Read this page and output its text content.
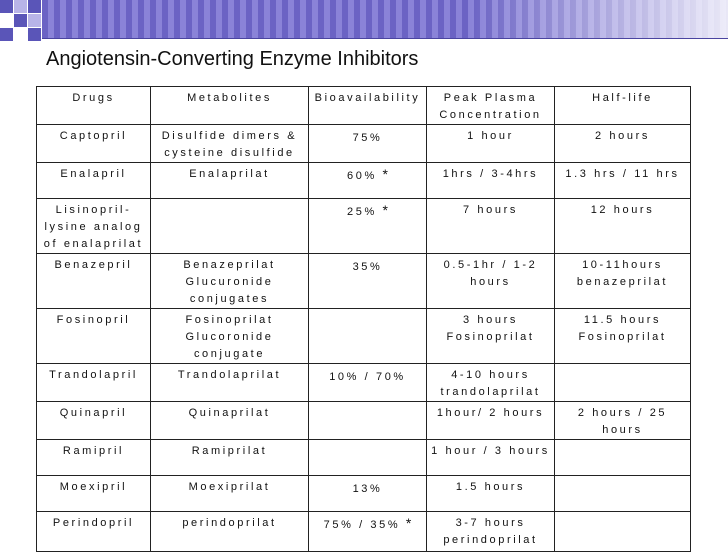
Angiotensin-Converting Enzyme Inhibitors
Drugs	Metabolites	Bioavailability	Peak Plasma Concentration	Half-life
Captopril	Disulfide dimers & cysteine disulfide	75%	1 hour	2 hours
Enalapril	Enalaprilat	60% *	1hrs / 3-4hrs	1.3 hrs / 11 hrs
Lisinopril-lysine analog of enalaprilat		25% *	7 hours	12 hours
Benazepril	Benazeprilat Glucuronide conjugates	35%	0.5-1hr / 1-2 hours	10-11hours benazeprilat
Fosinopril	Fosinoprilat Glucoronide conjugate		3 hours Fosinoprilat	11.5 hours Fosinoprilat
Trandolapril	Trandolaprilat	10% / 70%	4-10 hours trandolaprilat	
Quinapril	Quinaprilat		1hour/ 2 hours	2 hours / 25 hours
Ramipril	Ramiprilat		1 hour / 3 hours	
Moexipril	Moexiprilat	13%	1.5 hours	
Perindopril	perindoprilat	75% / 35% *	3-7 hours perindoprilat	
